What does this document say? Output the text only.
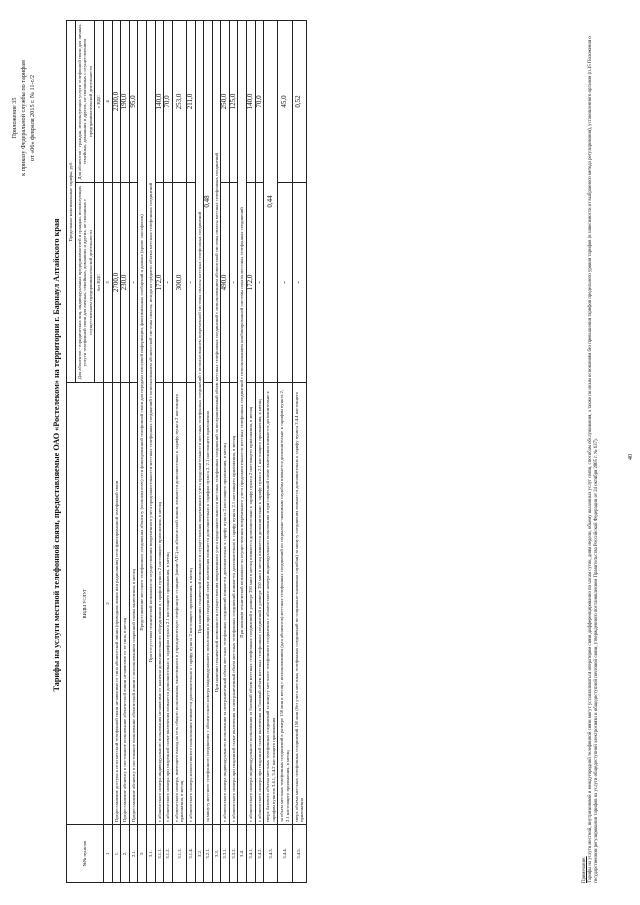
Приложение 35 к приказу Федеральной службы по тарифам от «06» февраля 2015 г. № 11-с/2
Тарифы на услуги местной телефонной связи, предоставляемые ОАО «Ростелеком» на территории г. Барнаул Алтайского края
№№ пунктов	ВИДЫ УСЛУГ	Предельные максимальные тарифы, руб.	
		Для абонентов - юридических лиц, индивидуальных предпринимателей и граждан, использующих услуги телефонной связи для личных, семейных, домашних и других, не связанных с осуществлением предпринимательской деятельности	Для абонентов - граждан, использующих услуги телефонной связи для личных, семейных, домашних и других, не связанных с осуществлением предпринимательской деятельности
		без НДС	с НДС
1	2	3	4
1.	Предоставление доступа к сети местной телефонной связи независимо от типа абонентской линии (проводная линия или радиолиния) сети фиксированной телефонной связи	2700,0	2200,0
2.	Предоставление абоненту в постоянное пользование абонентской линии независимо от ее типа, в месяц	230,0	190,0
2.1.	Предоставление абоненту в постоянное пользование абонентской линии с использованием спаренной схемы включения, в месяц	-	95,0
3.	Предоставление местного телефонного соединения абоненту (пользователю) сети фиксированной телефонной связи для передачи голосовой информации, факсимильных сообщений и данных (кроме таксофонов)		
3.1.	При отсутствии технической возможности осуществления повременного учета продолжительности местных телефонных соединений с использованием абонентской системы оплаты, исходя из среднего объема местных телефонных соединений		
3.1.1.	с абонентского номера индивидуального пользования независимо от наличия дополнительного оборудования и тарифов пункта 2 настоящего приложения, в месяц	172,0	140,0
3.1.2.	с абонентского номера при спаренной схеме включения взимается дополнительно к тарифам пункта 2.1 настоящего приложения, в месяц	-	70,0
3.1.3.	с абонентского номера, имеющего выход на сеть общего пользования, включенного в учрежденческую телефонную станцию (мини-АТС) по абонентской линии, взимается дополнительно к тарифу пункта 2 настоящего приложения, в месяц	300,0	253,0
3.1.4.	с абонентского номера коллективного пользования взимается дополнительно к тарифу пункта 2 настоящего приложения, в месяц	-	211,0
3.2.	При наличии технической возможности осуществления повременного учета продолжительности местных телефонных соединений с использованием повременной системы оплаты местных телефонных соединений		
3.2.1.	за минуту местного телефонного соединения с абонентского номера индивидуального пользования и при спаренной схеме включения взимается дополнительно к тарифам пункта 2, 2.1 настоящего приложения	0,48	
3.3.	При наличии технической возможности осуществления повременного учета продолжительности местных телефонных соединений за неограниченный объем местных телефонных соединений с использованием абонентской системы оплаты местных телефонных соединений		
3.3.1.	с абонентского номера индивидуального пользования за неограниченный объем местных телефонных соединений взимается дополнительно к тарифу пункта 2 настоящего приложения, в месяц	490,0	250,0
3.3.2.	с абонентского номера при спаренной схеме включения за неограниченный объем местных телефонных соединений взимается дополнительно к тарифу пункта 2.1 настоящего приложения, в месяц	-	125,0
3.4.	При наличии технической возможности осуществления повременного учета продолжительности местных телефонных соединений с использованием комбинированной системы оплаты местных телефонных соединений		
3.4.1.	с абонентского номера индивидуального пользования за базовый объем местных телефонных соединений в размере 350 мин в месяц взимается дополнительно к тарифу пункта 2 настоящего приложения, в месяц	172,0	140,0
3.4.2.	с абонентского номера при спаренной схеме включения за базовый объем местных телефонных соединений в размере 350 мин в месяц взимается дополнительно к тарифу пункта 2.1 настоящего приложения, в месяц	-	70,0
3.4.3.	сверх базового объема местных телефонных соединений за минуту местного телефонного соединения с абонентского номера индивидуального пользования и при спаренной схеме включения взимается дополнительно к тарифам пунктов 3.4.1, 3.4.2 настоящего приложения	0,44	
3.4.4.	за объем местных телефонных соединений в размере 150 мин в месяц с использованием (для абонентов) местных телефонных соединений по социально-значимым службам взимается дополнительно к тарифам пункта 2, 2.1 настоящего приложения, в месяц	-	45,0
3.4.5.	сверх объема местных телефонных соединений 150 мин (без учета местных телефонных соединений по социально-значимым службам) за минуту соединения взимается дополнительно к тарифу пункта 3.4.4 настоящего приложения	-	0,52
Примечание: Тарифы на услуги местной, внутризоновой и междугородной телефонной связи могут устанавливаться оператором связи дифференцированно по часам суток, дням недели, объему оказанных услуг связи, способам обслуживания, а также по иным основаниям без превышения тарифов предельного уровня тарифов (в зависимости от выбранного метода регулирования), установленного органом (п.15 Положения о государственном регулировании тарифов на услуги общедоступной электросвязи и общедоступной почтовой связи, утвержденного постановлением Правительства Российской Федерации от 24 октября 2005 г. № 637).	40
